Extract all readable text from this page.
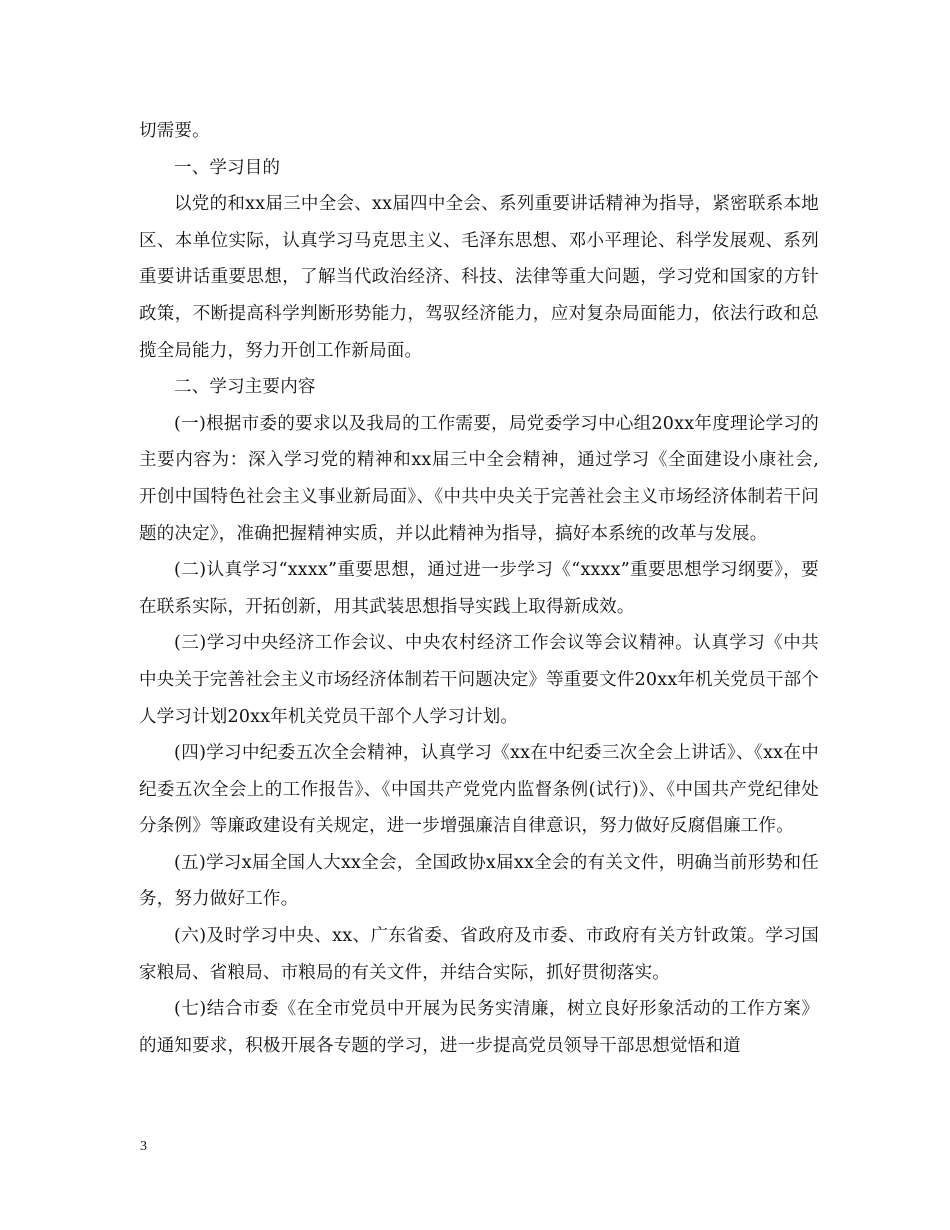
切需要。

一、学习目的

以党的和xx届三中全会、xx届四中全会、系列重要讲话精神为指导，紧密联系本地区、本单位实际，认真学习马克思主义、毛泽东思想、邓小平理论、科学发展观、系列重要讲话重要思想，了解当代政治经济、科技、法律等重大问题，学习党和国家的方针政策，不断提高科学判断形势能力，驾驭经济能力，应对复杂局面能力，依法行政和总揽全局能力，努力开创工作新局面。

二、学习主要内容

(一)根据市委的要求以及我局的工作需要，局党委学习中心组20xx年度理论学习的主要内容为：深入学习党的精神和xx届三中全会精神，通过学习《全面建设小康社会,开创中国特色社会主义事业新局面》、《中共中央关于完善社会主义市场经济体制若干问题的决定》，准确把握精神实质，并以此精神为指导，搞好本系统的改革与发展。

(二)认真学习“xxxx”重要思想，通过进一步学习《“xxxx”重要思想学习纲要》，要在联系实际，开拓创新，用其武装思想指导实践上取得新成效。

(三)学习中央经济工作会议、中央农村经济工作会议等会议精神。认真学习《中共中央关于完善社会主义市场经济体制若干问题决定》等重要文件20xx年机关党员干部个人学习计划20xx年机关党员干部个人学习计划。

(四)学习中纪委五次全会精神，认真学习《xx在中纪委三次全会上讲话》、《xx在中纪委五次全会上的工作报告》、《中国共产党党内监督条例(试行)》、《中国共产党纪律处分条例》等廉政建设有关规定，进一步增强廉洁自律意识，努力做好反腐倡廉工作。

(五)学习x届全国人大xx全会，全国政协x届xx全会的有关文件，明确当前形势和任务，努力做好工作。

(六)及时学习中央、xx、广东省委、省政府及市委、市政府有关方针政策。学习国家粮局、省粮局、市粮局的有关文件，并结合实际，抓好贯彻落实。

(七)结合市委《在全市党员中开展为民务实清廉，树立良好形象活动的工作方案》的通知要求，积极开展各专题的学习，进一步提高党员领导干部思想觉悟和道

3
